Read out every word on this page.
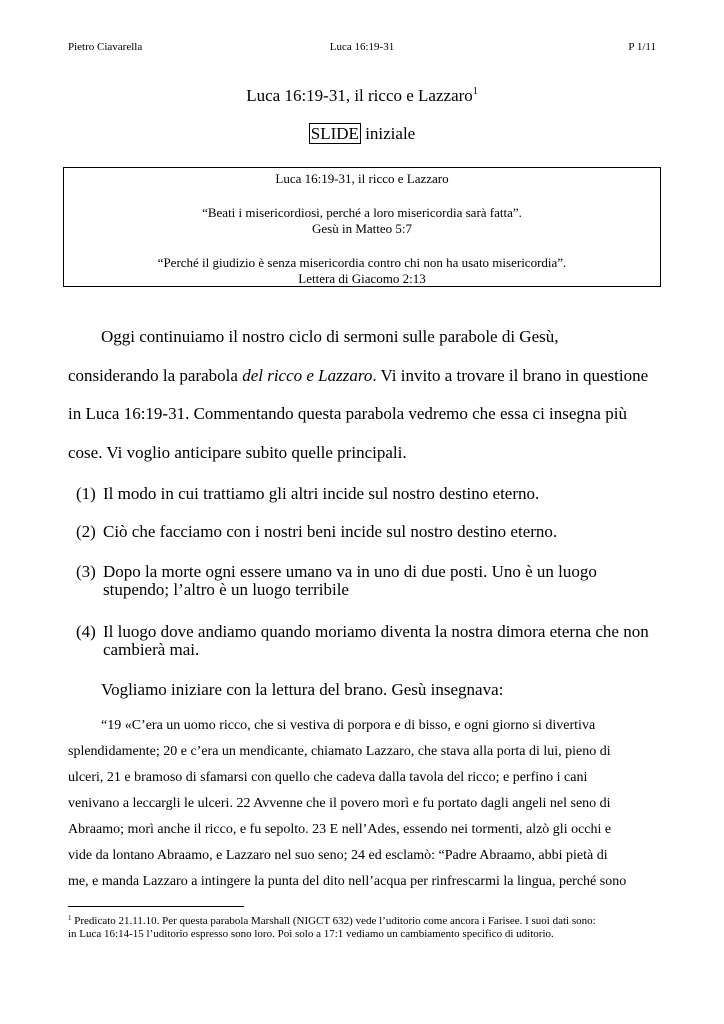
Pietro Ciavarella	Luca 16:19-31	P 1/11
Luca 16:19-31, il ricco e Lazzaro$^1$
SLIDE iniziale
Luca 16:19-31, il ricco e Lazzaro
“Beati i misericordiosi, perché a loro misericordia sarà fatta”.
Gesù in Matteo 5:7
“Perché il giudizio è senza misericordia contro chi non ha usato misericordia”.
Lettera di Giacomo 2:13
Oggi continuiamo il nostro ciclo di sermoni sulle parabole di Gesù,
considerando la parabola del ricco e Lazzaro. Vi invito a trovare il brano in questione
in Luca 16:19-31. Commentando questa parabola vedremo che essa ci insegna più
cose. Vi voglio anticipare subito quelle principali.
(1) Il modo in cui trattiamo gli altri incide sul nostro destino eterno.
(2) Ciò che facciamo con i nostri beni incide sul nostro destino eterno.
(3) Dopo la morte ogni essere umano va in uno di due posti. Uno è un luogo stupendo; l’altro è un luogo terribile
(4) Il luogo dove andiamo quando moriamo diventa la nostra dimora eterna che non cambierà mai.
Vogliamo iniziare con la lettura del brano. Gesù insegnava:
“19 «C’era un uomo ricco, che si vestiva di porpora e di bisso, e ogni giorno si divertiva
splendidamente; 20 e c’era un mendicante, chiamato Lazzaro, che stava alla porta di lui, pieno di
ulceri, 21 e bramoso di sfamarsi con quello che cadeva dalla tavola del ricco; e perfino i cani
venivano a leccargli le ulceri. 22 Avvenne che il povero morì e fu portato dagli angeli nel seno di
Abraamo; morì anche il ricco, e fu sepolto. 23 E nell’Ades, essendo nei tormenti, alzò gli occhi e
vide da lontano Abraamo, e Lazzaro nel suo seno; 24 ed esclamò: “Padre Abraamo, abbi pietà di
me, e manda Lazzaro a intingere la punta del dito nell’acqua per rinfrescarmi la lingua, perché sono
$^1$ Predicato 21.11.10. Per questa parabola Marshall (NIGCT 632) vede l’uditorio come ancora i Farisee. I suoi dati sono:
in Luca 16:14-15 l’uditorio espresso sono loro. Poi solo a 17:1 vediamo un cambiamento specifico di uditorio.
